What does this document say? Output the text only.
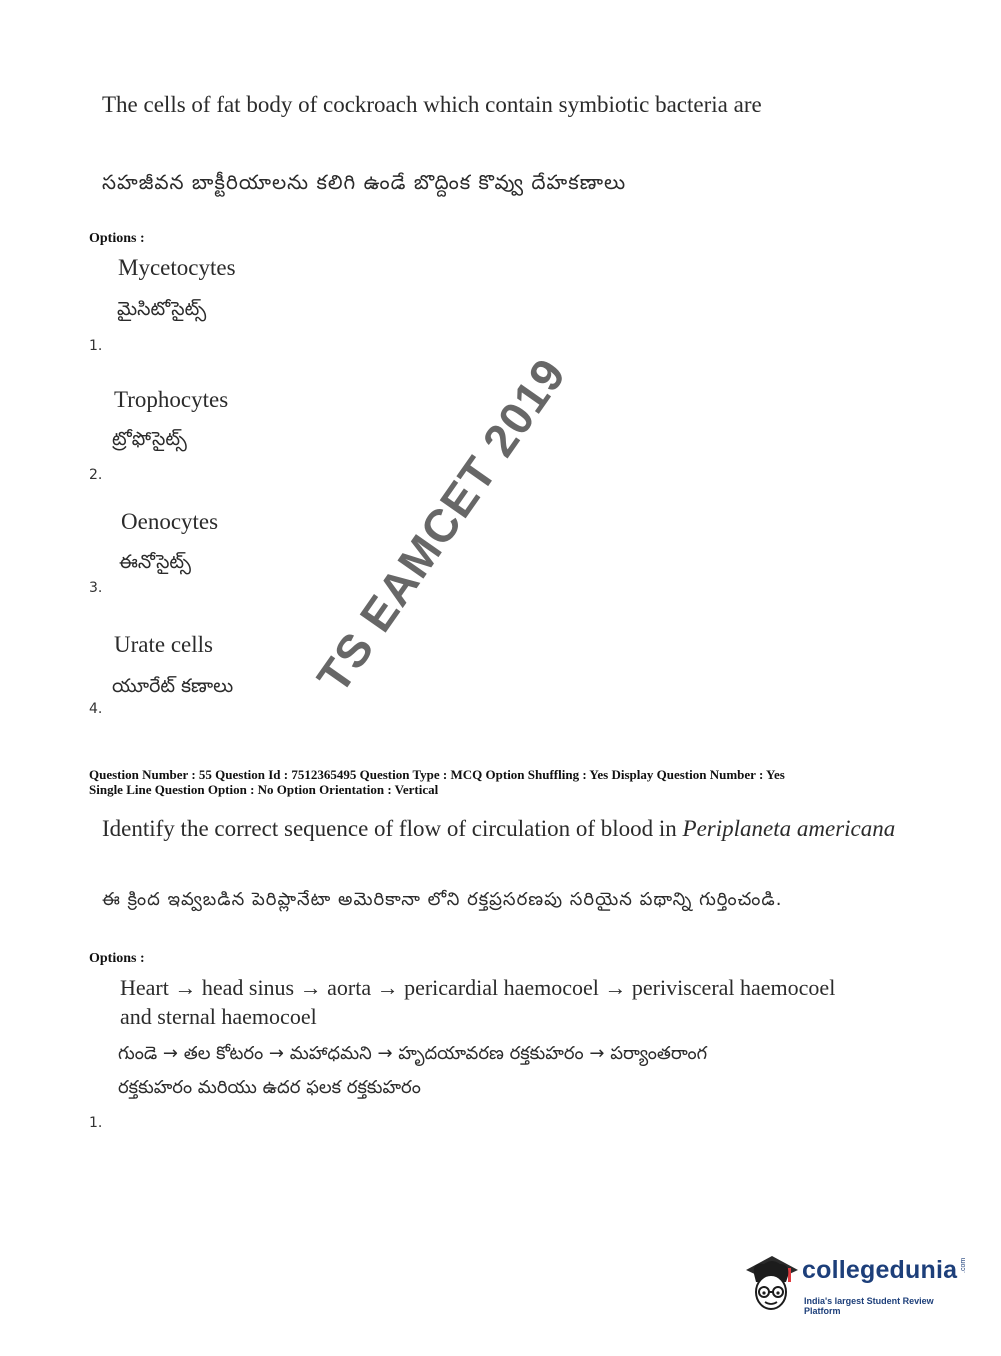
The cells of fat body of cockroach which contain symbiotic bacteria are
సహజీవన బాక్టీరియాలను కలిగి ఉండే బొద్దింక కొవ్వు దేహకణాలు
Options :
Mycetocytes
మైసిటోసైట్స్
1.
Trophocytes
ట్రోఫోసైట్స్
2.
Oenocytes
ఈనోసైట్స్
3.
Urate cells
యూరేట్ కణాలు
4.
Question Number : 55 Question Id : 7512365495 Question Type : MCQ Option Shuffling : Yes Display Question Number : Yes
Single Line Question Option : No Option Orientation : Vertical
Identify the correct sequence of flow of circulation of blood in Periplaneta americana
ఈ క్రింద ఇవ్వబడిన పెరిప్లానేటా అమెరికానా లోని రక్తప్రసరణపు సరియైన పథాన్ని గుర్తించండి.
Options :
Heart → head sinus → aorta → pericardial haemocoel → perivisceral haemocoel
and sternal haemocoel
గుండె → తల కోటరం → మహాధమని → హృదయావరణ రక్తకుహరం → పర్యాంతరాంగ
రక్తకుహరం మరియు ఉదర ఫలక రక్తకుహరం
1.
TS EAMCET 2019
collegedunia .com
India's largest Student Review Platform
